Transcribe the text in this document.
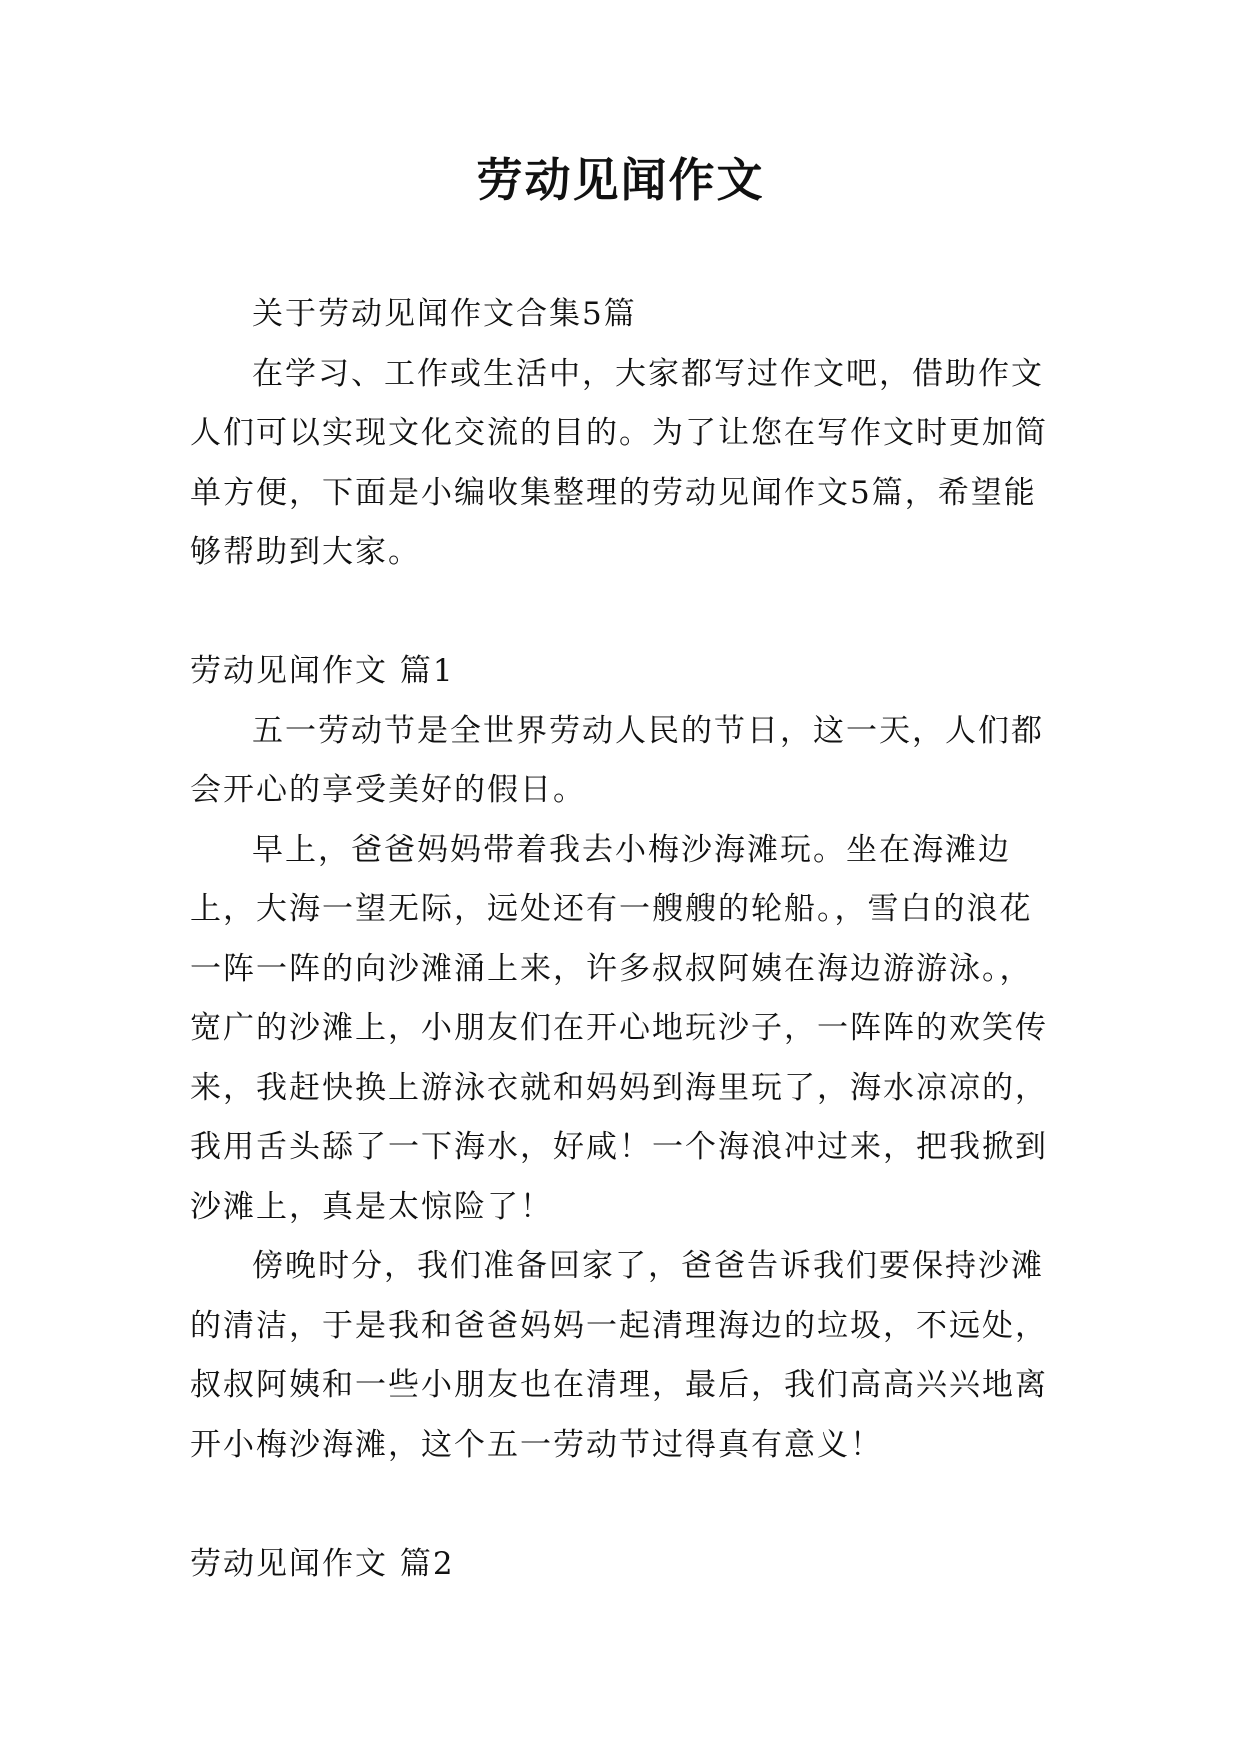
劳动见闻作文

关于劳动见闻作文合集5篇

在学习、工作或生活中，大家都写过作文吧，借助作文人们可以实现文化交流的目的。为了让您在写作文时更加简单方便，下面是小编收集整理的劳动见闻作文5篇，希望能够帮助到大家。

劳动见闻作文 篇1

五一劳动节是全世界劳动人民的节日，这一天，人们都会开心的享受美好的假日。

早上，爸爸妈妈带着我去小梅沙海滩玩。坐在海滩边上，大海一望无际，远处还有一艘艘的轮船。，雪白的浪花一阵一阵的向沙滩涌上来，许多叔叔阿姨在海边游游泳。，宽广的沙滩上，小朋友们在开心地玩沙子，一阵阵的欢笑传来，我赶快换上游泳衣就和妈妈到海里玩了，海水凉凉的，我用舌头舔了一下海水，好咸！一个海浪冲过来，把我掀到沙滩上，真是太惊险了！

傍晚时分，我们准备回家了，爸爸告诉我们要保持沙滩的清洁，于是我和爸爸妈妈一起清理海边的垃圾，不远处，叔叔阿姨和一些小朋友也在清理，最后，我们高高兴兴地离开小梅沙海滩，这个五一劳动节过得真有意义！

劳动见闻作文 篇2
